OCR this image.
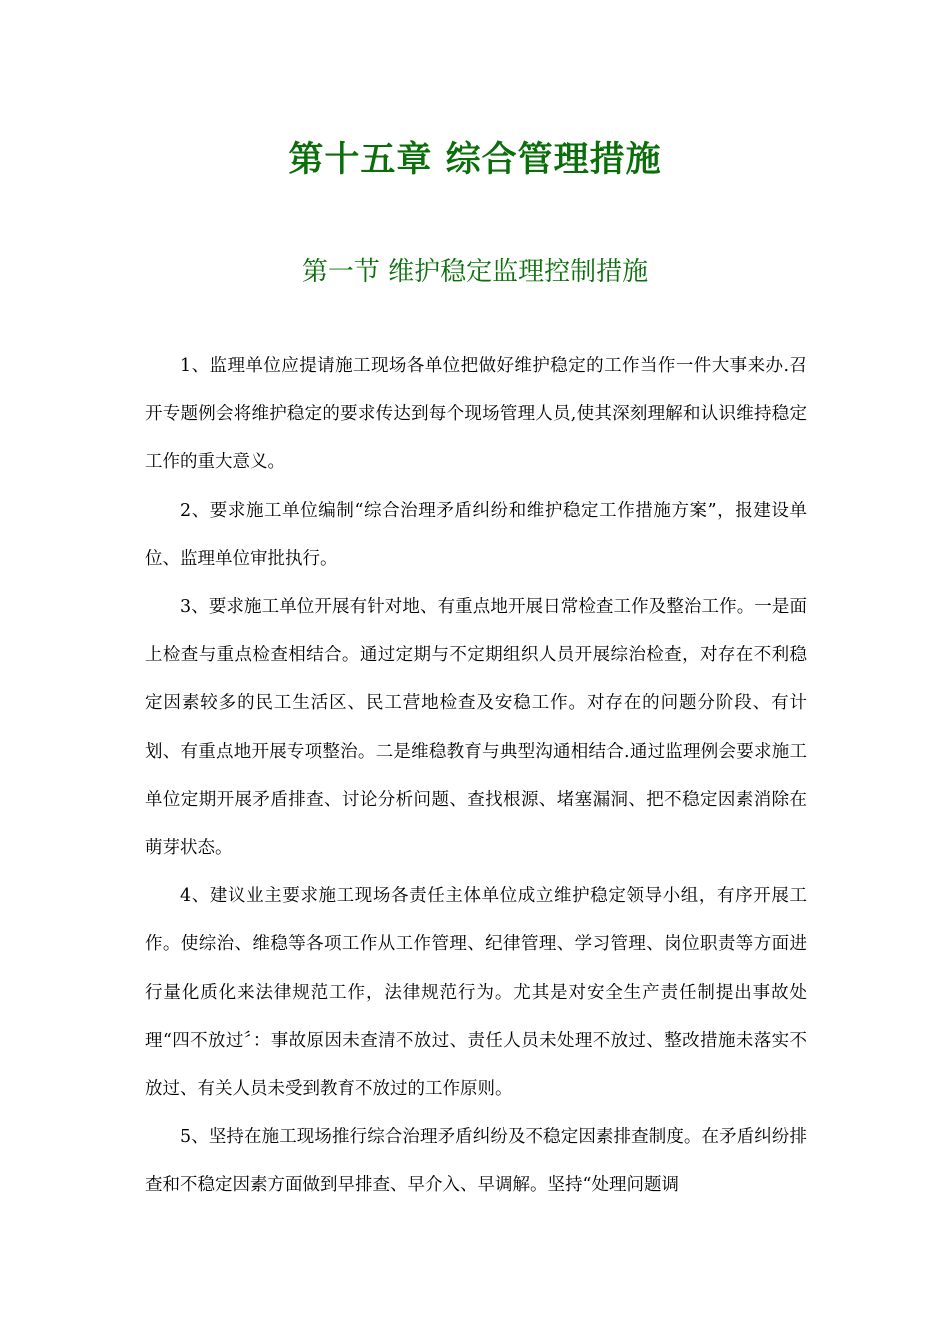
第十五章 综合管理措施
第一节 维护稳定监理控制措施

1、监理单位应提请施工现场各单位把做好维护稳定的工作当作一件大事来办.召开专题例会将维护稳定的要求传达到每个现场管理人员,使其深刻理解和认识维持稳定工作的重大意义。

2、要求施工单位编制“综合治理矛盾纠纷和维护稳定工作措施方案”，报建设单位、监理单位审批执行。

3、要求施工单位开展有针对地、有重点地开展日常检查工作及整治工作。一是面上检查与重点检查相结合。通过定期与不定期组织人员开展综治检查，对存在不利稳定因素较多的民工生活区、民工营地检查及安稳工作。对存在的问题分阶段、有计划、有重点地开展专项整治。二是维稳教育与典型沟通相结合.通过监理例会要求施工单位定期开展矛盾排查、讨论分析问题、查找根源、堵塞漏洞、把不稳定因素消除在萌芽状态。

4、建议业主要求施工现场各责任主体单位成立维护稳定领导小组，有序开展工作。使综治、维稳等各项工作从工作管理、纪律管理、学习管理、岗位职责等方面进行量化质化来法律规范工作，法律规范行为。尤其是对安全生产责任制提出事故处理“四不放过〞：事故原因未查清不放过、责任人员未处理不放过、整改措施未落实不放过、有关人员未受到教育不放过的工作原则。

5、坚持在施工现场推行综合治理矛盾纠纷及不稳定因素排查制度。在矛盾纠纷排查和不稳定因素方面做到早排查、早介入、早调解。坚持“处理问题调
